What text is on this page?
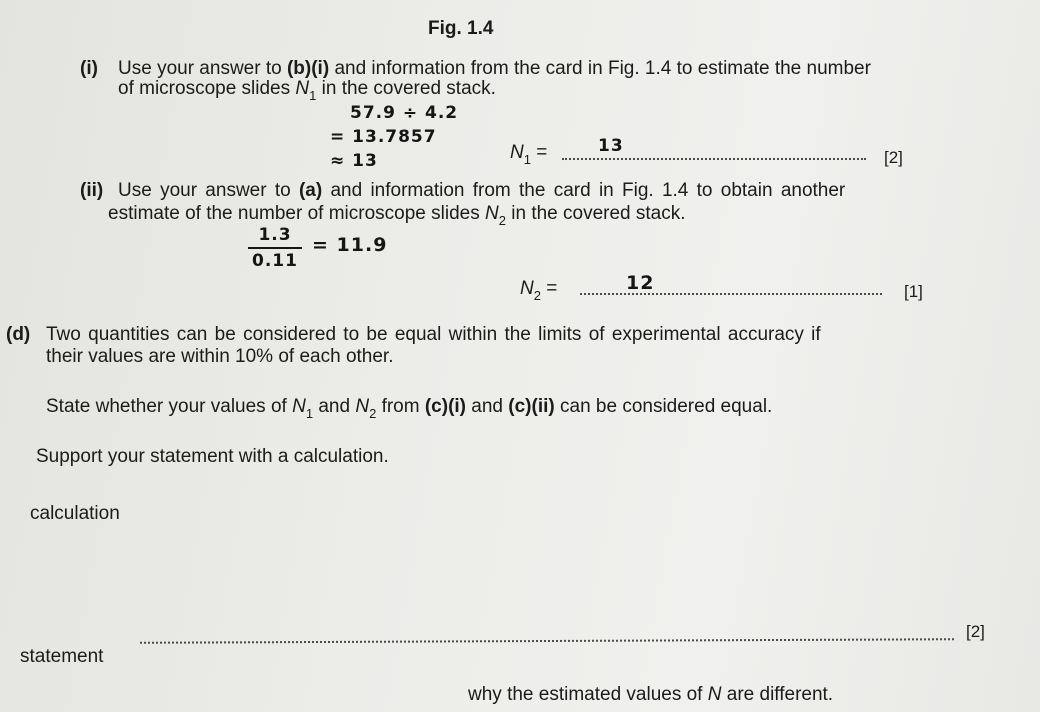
Fig. 1.4
(i) Use your answer to (b)(i) and information from the card in Fig. 1.4 to estimate the number
of microscope slides $N_1$ in the covered stack.
57.9 ÷ 4.2
= 13.7857
≈ 13	$N_1$ =	13
[2]
(ii) Use your answer to (a) and information from the card in Fig. 1.4 to obtain another
estimate of the number of microscope slides $N_2$ in the covered stack.
1.3
0.11
= 11.9
$N_2$ =	12	[1]
(d) Two quantities can be considered to be equal within the limits of experimental accuracy if
their values are within 10% of each other.
State whether your values of $N_1$ and $N_2$ from (c)(i) and (c)(ii) can be considered equal.
Support your statement with a calculation.
calculation
[2]
statement
why the estimated values of N are different.
